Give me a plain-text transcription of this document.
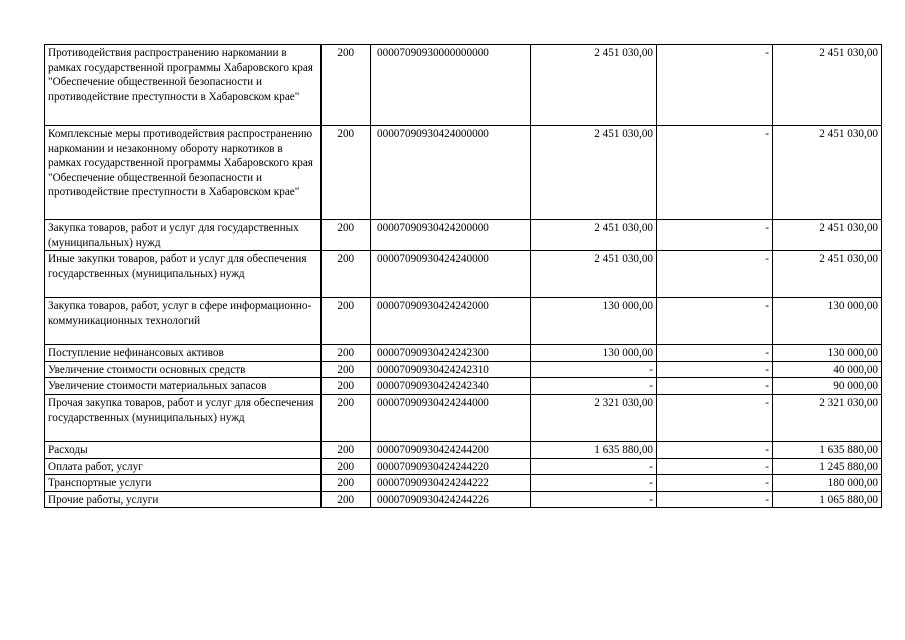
Противодействия распространению наркомании в рамках государственной программы Хабаровского края "Обеспечение общественной безопасности и противодействие преступности в Хабаровском крае"	200	00007090930000000000	2 451 030,00	-	2 451 030,00
Комплексные меры противодействия распространению наркомании и незаконному обороту наркотиков в рамках государственной программы Хабаровского края "Обеспечение общественной безопасности и противодействие преступности в Хабаровском крае"	200	00007090930424000000	2 451 030,00	-	2 451 030,00
Закупка товаров, работ и услуг для государственных (муниципальных) нужд	200	00007090930424200000	2 451 030,00	-	2 451 030,00
Иные закупки товаров, работ и услуг для обеспечения государственных (муниципальных) нужд	200	00007090930424240000	2 451 030,00	-	2 451 030,00
Закупка товаров, работ, услуг в сфере информационно-коммуникационных технологий	200	00007090930424242000	130 000,00	-	130 000,00
Поступление нефинансовых активов	200	00007090930424242300	130 000,00	-	130 000,00
Увеличение стоимости основных средств	200	00007090930424242310	-	-	40 000,00
Увеличение стоимости материальных запасов	200	00007090930424242340	-	-	90 000,00
Прочая закупка товаров, работ и услуг для обеспечения государственных (муниципальных) нужд	200	00007090930424244000	2 321 030,00	-	2 321 030,00
Расходы	200	00007090930424244200	1 635 880,00	-	1 635 880,00
Оплата работ, услуг	200	00007090930424244220	-	-	1 245 880,00
Транспортные услуги	200	00007090930424244222	-	-	180 000,00
Прочие работы, услуги	200	00007090930424244226	-	-	1 065 880,00
